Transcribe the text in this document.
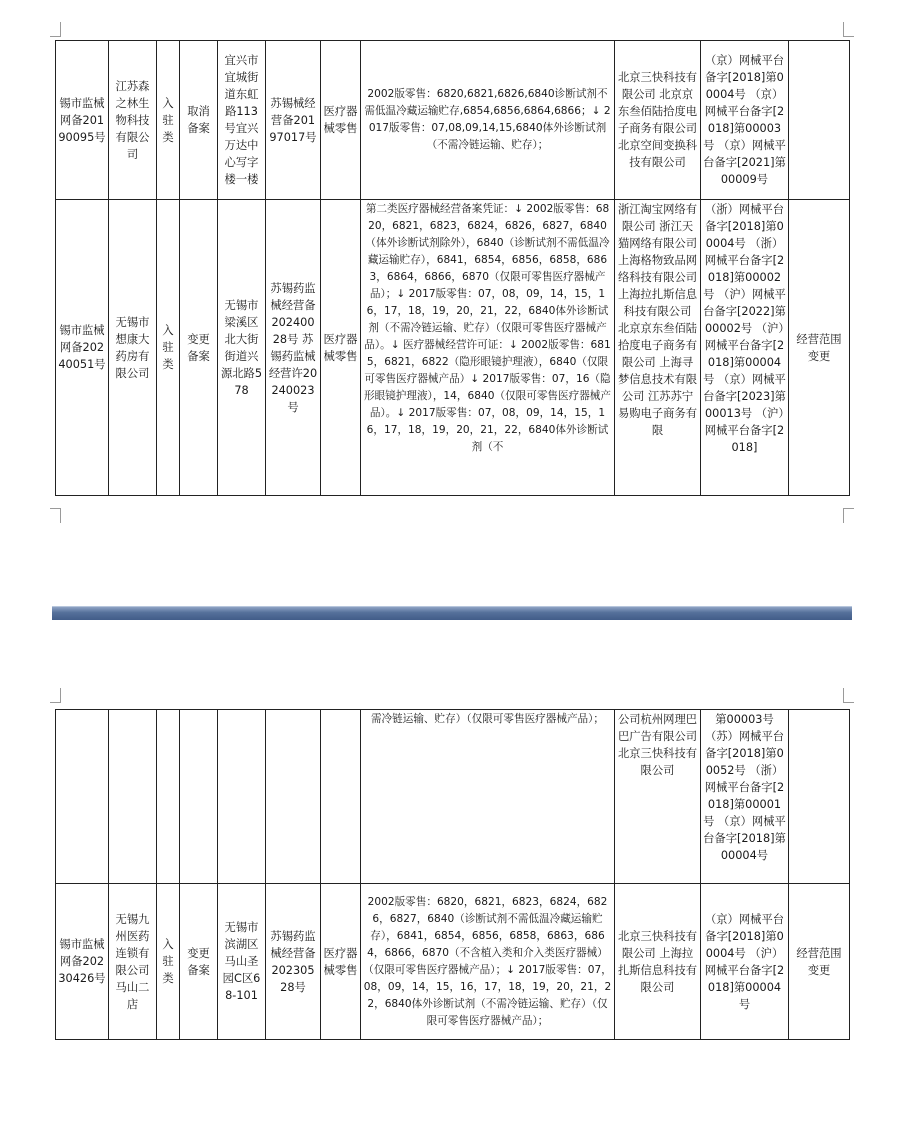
锡市监械网备20190095号	江苏森之林生物科技有限公司	入驻类	取消备案	宜兴市宜城街道东虹路113号宜兴万达中心写字楼一楼	苏锡械经营备20197017号	医疗器械零售	2002版零售：6820,6821,6826,6840诊断试剂不需低温冷藏运输贮存,6854,6856,6864,6866；↓ 2017版零售：07,08,09,14,15,6840体外诊断试剂（不需冷链运输、贮存）；	北京三快科技有限公司 北京京东叁佰陆拾度电子商务有限公司 北京空间变换科技有限公司	（京）网械平台备字[2018]第00004号 （京）网械平台备字[2018]第00003号 （京）网械平台备字[2021]第00009号	
锡市监械网备20240051号	无锡市想康大药房有限公司	入驻类	变更备案	无锡市梁溪区北大街街道兴源北路578	苏锡药监械经营备20240028号 苏锡药监械经营许20240023号	医疗器械零售	第二类医疗器械经营备案凭证：↓ 2002版零售：6820，6821，6823，6824，6826，6827，6840（体外诊断试剂除外），6840（诊断试剂不需低温冷藏运输贮存），6841，6854，6856，6858，6863，6864，6866，6870（仅限可零售医疗器械产品）；↓ 2017版零售：07，08，09，14，15，16，17，18，19，20，21，22，6840体外诊断试剂（不需冷链运输、贮存）（仅限可零售医疗器械产品）。↓ 医疗器械经营许可证：↓ 2002版零售：6815，6821，6822（隐形眼镜护理液），6840（仅限可零售医疗器械产品）↓ 2017版零售：07，16（隐形眼镜护理液），14，6840（仅限可零售医疗器械产品）。↓ 2017版零售：07，08，09，14，15，16，17，18，19，20，21，22，6840体外诊断试剂（不	浙江淘宝网络有限公司 浙江天猫网络有限公司 上海格物致品网络科技有限公司 上海拉扎斯信息科技有限公司 北京京东叁佰陆拾度电子商务有限公司 上海寻梦信息技术有限公司 江苏苏宁易购电子商务有限	（浙）网械平台备字[2018]第00004号 （浙）网械平台备字[2018]第00002号 （沪）网械平台备字[2022]第00002号 （沪）网械平台备字[2018]第00004号 （京）网械平台备字[2023]第00013号 （沪）网械平台备字[2018]	经营范围变更
							需冷链运输、贮存）（仅限可零售医疗器械产品）；	公司杭州网理巴巴广告有限公司 北京三快科技有限公司	第00003号 （苏）网械平台备字[2018]第00052号 （浙）网械平台备字[2018]第00001号 （京）网械平台备字[2018]第00004号	
锡市监械网备20230426号	无锡九州医药连锁有限公司马山二店	入驻类	变更备案	无锡市滨湖区马山圣园C区68-101	苏锡药监械经营备20230528号	医疗器械零售	2002版零售：6820，6821，6823，6824，6826，6827，6840（诊断试剂不需低温冷藏运输贮存），6841，6854，6856，6858，6863，6864，6866，6870（不含植入类和介入类医疗器械）（仅限可零售医疗器械产品）；↓ 2017版零售：07，08，09，14，15，16，17，18，19，20，21，22，6840体外诊断试剂（不需冷链运输、贮存）（仅限可零售医疗器械产品）；	北京三快科技有限公司 上海拉扎斯信息科技有限公司	（京）网械平台备字[2018]第00004号 （沪）网械平台备字[2018]第00004号	经营范围变更
